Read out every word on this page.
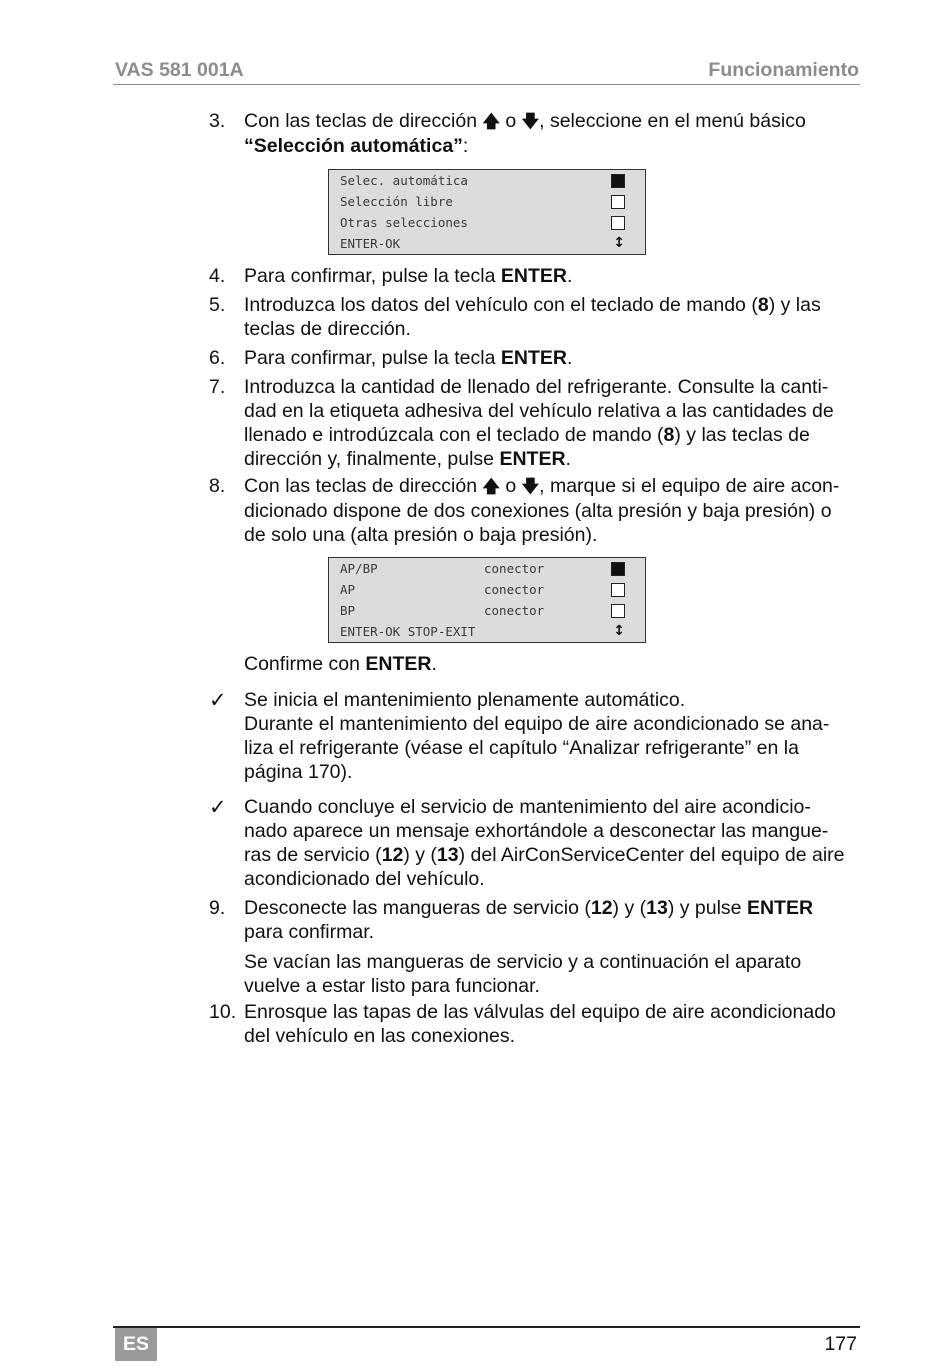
VAS 581 001A	Funcionamiento
3. Con las teclas de dirección 🡅 o 🡇, seleccione en el menú básico

“Selección automática”:

Selec. automática
Selección libre
Otras selecciones
ENTER-OK	↕
4. Para confirmar, pulse la tecla ENTER.

5. Introduzca los datos del vehículo con el teclado de mando (8) y las

teclas de dirección.

6. Para confirmar, pulse la tecla ENTER.

7. Introduzca la cantidad de llenado del refrigerante. Consulte la canti-

dad en la etiqueta adhesiva del vehículo relativa a las cantidades de

llenado e introdúzcala con el teclado de mando (8) y las teclas de

dirección y, finalmente, pulse ENTER.

8. Con las teclas de dirección 🡅 o 🡇, marque si el equipo de aire acon-

dicionado dispone de dos conexiones (alta presión y baja presión) o

de solo una (alta presión o baja presión).

AP/BP	conector
AP	conector
BP	conector
ENTER-OK STOP-EXIT	↕

Confirme con ENTER.

✓ Se inicia el mantenimiento plenamente automático.

Durante el mantenimiento del equipo de aire acondicionado se ana-

liza el refrigerante (véase el capítulo “Analizar refrigerante” en la

página 170).

✓ Cuando concluye el servicio de mantenimiento del aire acondicio-

nado aparece un mensaje exhortándole a desconectar las mangue-

ras de servicio (12) y (13) del AirConServiceCenter del equipo de aire

acondicionado del vehículo.

9. Desconecte las mangueras de servicio (12) y (13) y pulse ENTER

para confirmar.

Se vacían las mangueras de servicio y a continuación el aparato

vuelve a estar listo para funcionar.

10. Enrosque las tapas de las válvulas del equipo de aire acondicionado

del vehículo en las conexiones.

ES	177
